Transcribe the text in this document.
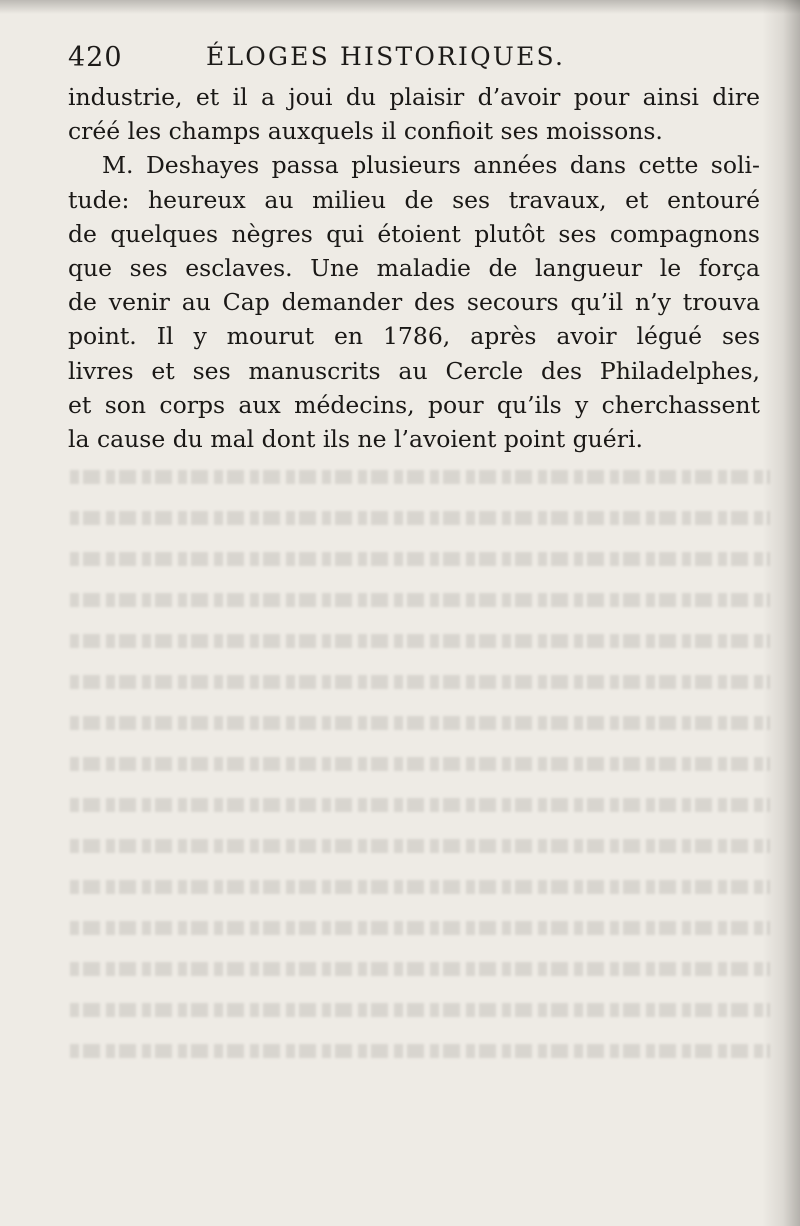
420	ÉLOGES HISTORIQUES.
industrie, et il a joui du plaisir d’avoir pour ainsi dire
créé les champs auxquels il confioit ses moissons.
M. Deshayes passa plusieurs années dans cette soli-
tude: heureux au milieu de ses travaux, et entouré
de quelques nègres qui étoient plutôt ses compagnons
que ses esclaves. Une maladie de langueur le força
de venir au Cap demander des secours qu’il n’y trouva
point. Il y mourut en 1786, après avoir légué ses
livres et ses manuscrits au Cercle des Philadelphes,
et son corps aux médecins, pour qu’ils y cherchassent
la cause du mal dont ils ne l’avoient point guéri.
